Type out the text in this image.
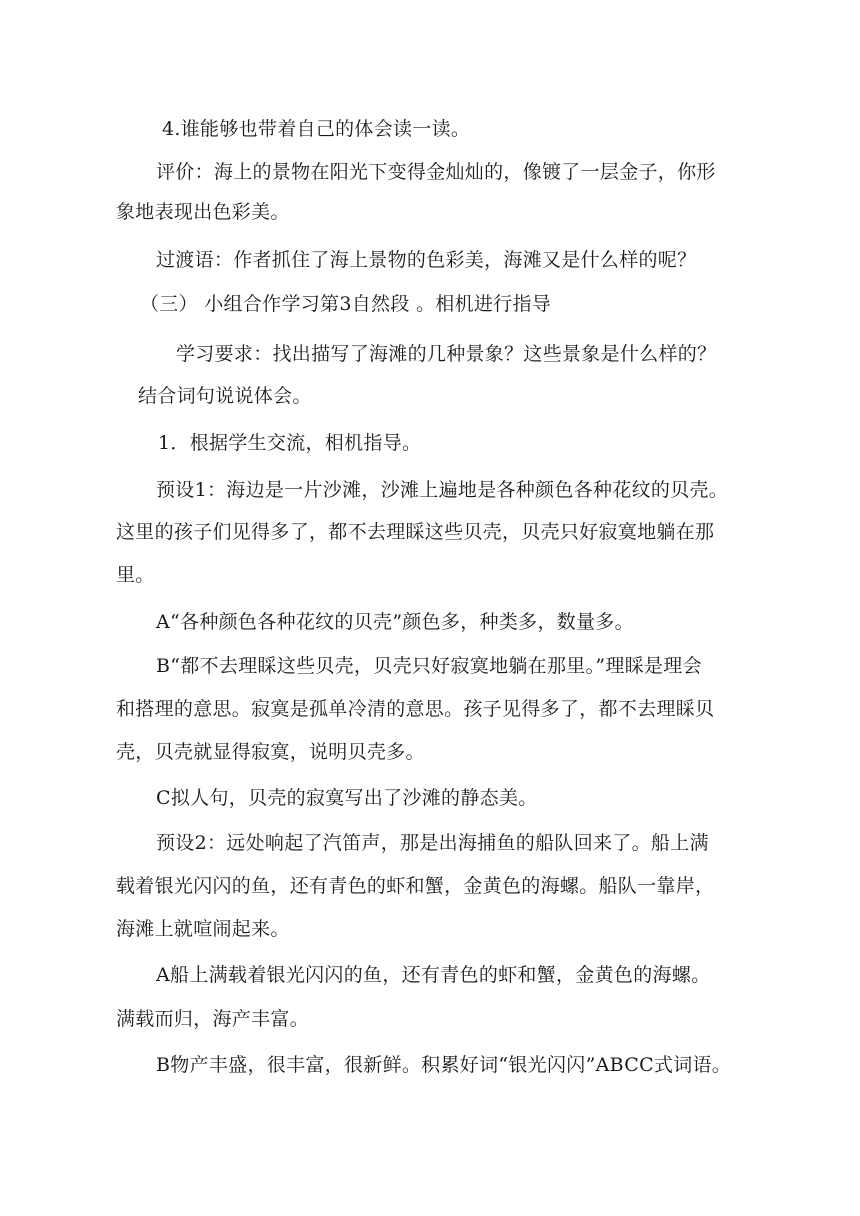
4.谁能够也带着自己的体会读一读。
评价：海上的景物在阳光下变得金灿灿的，像镀了一层金子，你形
象地表现出色彩美。
过渡语：作者抓住了海上景物的色彩美，海滩又是什么样的呢？
（三） 小组合作学习第3自然段 。相机进行指导
学习要求：找出描写了海滩的几种景象？这些景象是什么样的？
结合词句说说体会。
1．根据学生交流，相机指导。
预设1：海边是一片沙滩，沙滩上遍地是各种颜色各种花纹的贝壳。
这里的孩子们见得多了，都不去理睬这些贝壳，贝壳只好寂寞地躺在那
里。
A“各种颜色各种花纹的贝壳”颜色多，种类多，数量多。
B“都不去理睬这些贝壳，贝壳只好寂寞地躺在那里。”理睬是理会
和搭理的意思。寂寞是孤单冷清的意思。孩子见得多了，都不去理睬贝
壳，贝壳就显得寂寞，说明贝壳多。
C拟人句，贝壳的寂寞写出了沙滩的静态美。
预设2：远处响起了汽笛声，那是出海捕鱼的船队回来了。船上满
载着银光闪闪的鱼，还有青色的虾和蟹，金黄色的海螺。船队一靠岸，
海滩上就喧闹起来。
A船上满载着银光闪闪的鱼，还有青色的虾和蟹，金黄色的海螺。
满载而归，海产丰富。
B物产丰盛，很丰富，很新鲜。积累好词“银光闪闪”ABCC式词语。
